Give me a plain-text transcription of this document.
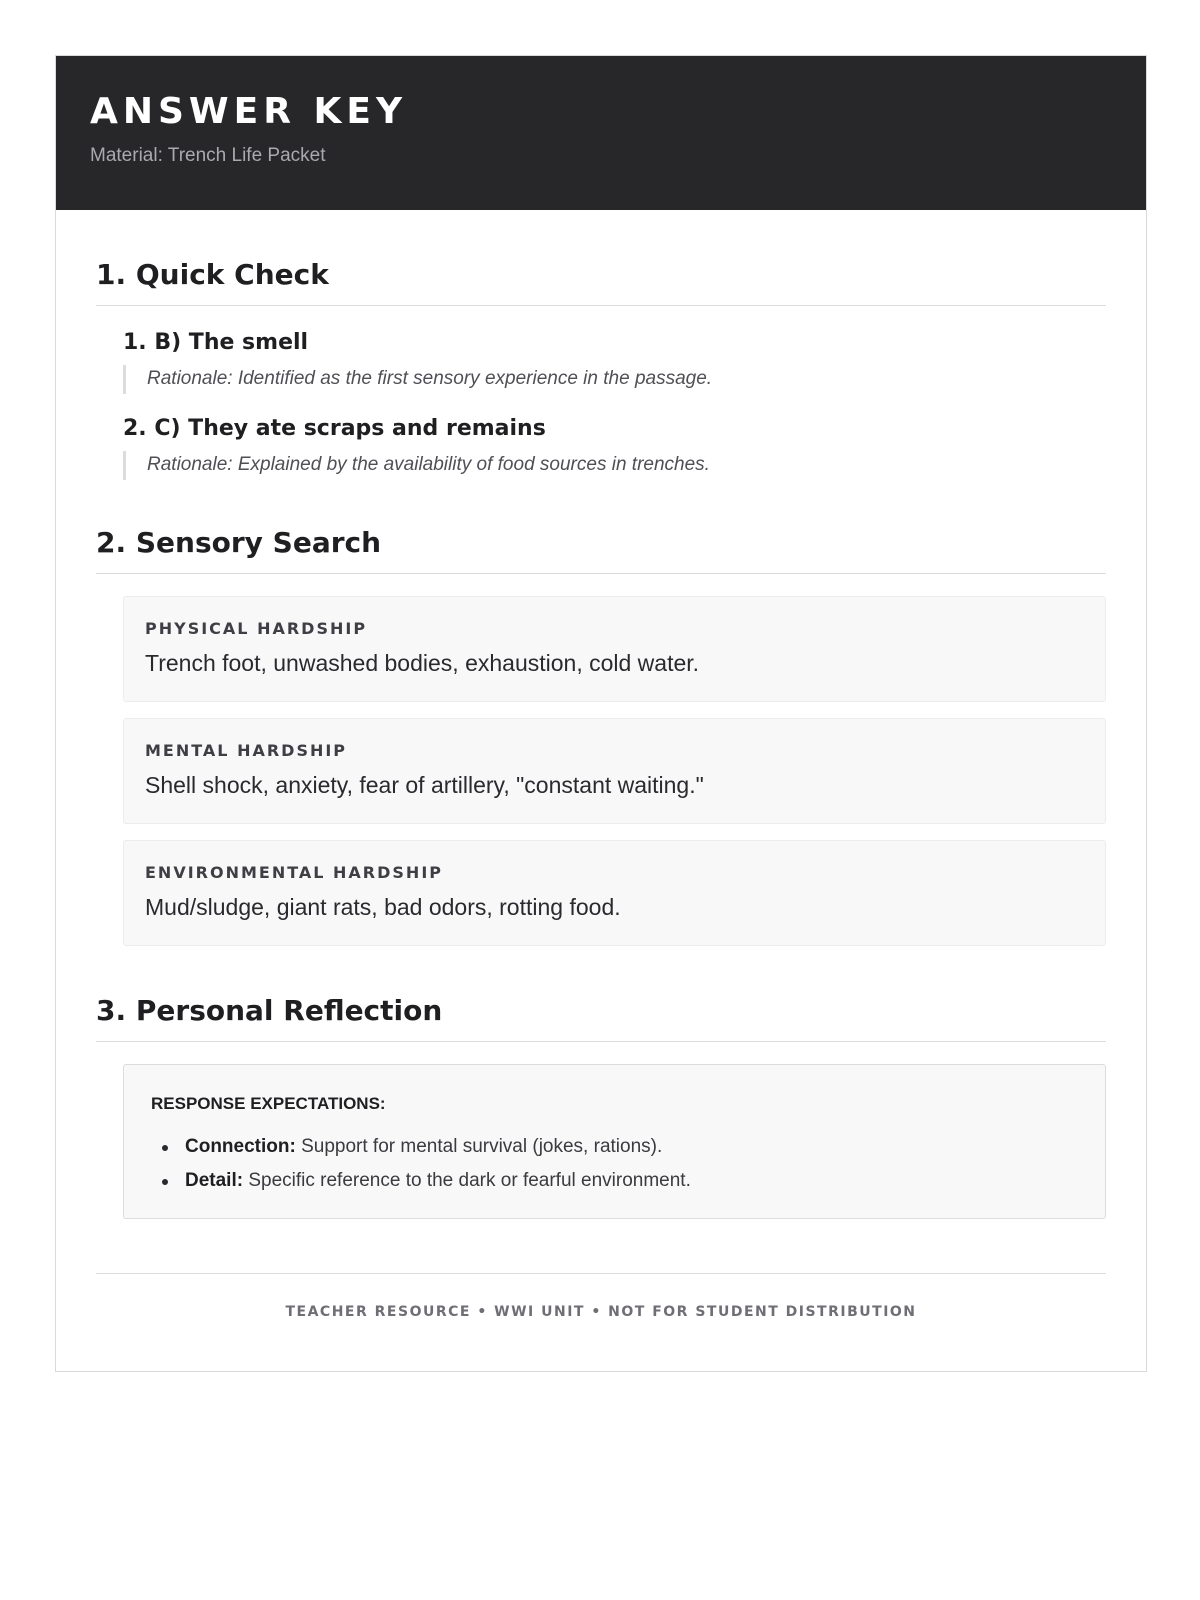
ANSWER KEY
Material: Trench Life Packet
1. Quick Check
1. B) The smell
Rationale: Identified as the first sensory experience in the passage.
2. C) They ate scraps and remains
Rationale: Explained by the availability of food sources in trenches.
2. Sensory Search
PHYSICAL HARDSHIP
Trench foot, unwashed bodies, exhaustion, cold water.
MENTAL HARDSHIP
Shell shock, anxiety, fear of artillery, "constant waiting."
ENVIRONMENTAL HARDSHIP
Mud/sludge, giant rats, bad odors, rotting food.
3. Personal Reflection
RESPONSE EXPECTATIONS:
Connection: Support for mental survival (jokes, rations).
Detail: Specific reference to the dark or fearful environment.
TEACHER RESOURCE • WWI UNIT • NOT FOR STUDENT DISTRIBUTION
